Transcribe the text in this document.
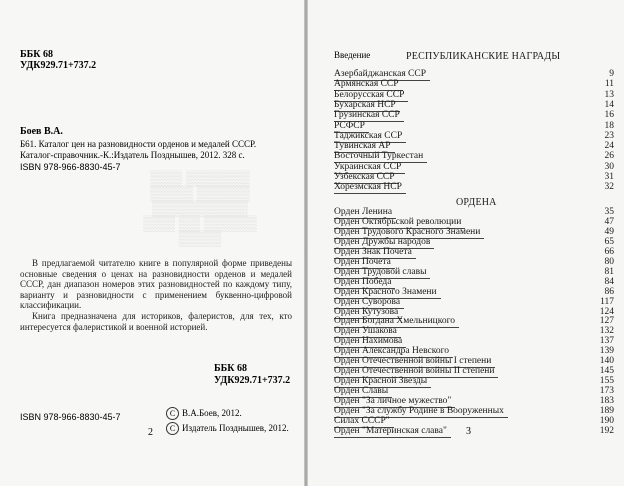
ББК 68
УДК929.71+737.2
Боев В.А.
Б61. Каталог цен на разновидности орденов и медалей СССР.
Каталог-справочник.-К.:Издатель Позднышев, 2012. 328 с.
ISBN 978-966-8830-45-7
▒▒▒▒▒▒ ▒▒▒
▒▒▒▒▒ ▒▒▒▒
▒▒▒▒▒▒▒▒▒
▒▒▒▒▒ ▒▒ ▒▒▒
▒▒▒▒

В предлагаемой читателю книге в популярной форме приведены основные сведения о ценах на разновидности орденов и медалей СССР, дан диапазон номеров этих разновидностей по каждому типу, варианту и разновидности с применением буквенно-цифровой классификации.

Книга предназначена для историков, фалеристов, для тех, кто интересуется фалеристикой и военной историей.

ББК 68
УДК929.71+737.2
ISBN 978-966-8830-45-7	С В.А.Боев, 2012.
С Издатель Позднышев, 2012.
2
Введение	РЕСПУБЛИКАНСКИЕ НАГРАДЫ
Азербайджанская ССР	9
Армянская ССР	11
Белорусская ССР	13
Бухарская НСР	14
Грузинская ССР	16
РСФСР	18
Таджикская ССР	23
Тувинская АР	24
Восточный Туркестан	26
Украинская ССР	30
Узбекская ССР	31
Хорезмская НСР	32
ОРДЕНА
Орден Ленина	35
Орден Октябрьской революции	47
Орден Трудового Красного Знамени	49
Орден Дружбы народов	65
Орден Знак Почета	66
Орден Почета	80
Орден Трудовой славы	81
Орден Победа	84
Орден Красного Знамени	86
Орден Суворова	117
Орден Кутузова	124
Орден Богдана Хмельницкого	127
Орден Ушакова	132
Орден Нахимова	137
Орден Александра Невского	139
Орден Отечественной войны I степени	140
Орден Отечественной войны II степени	145
Орден Красной Звезды	155
Орден Славы	173
Орден "За личное мужество"	183
Орден "За службу Родине в Вооруженных	189
Силах СССР"	190
Орден "Материнская слава"	192
3
